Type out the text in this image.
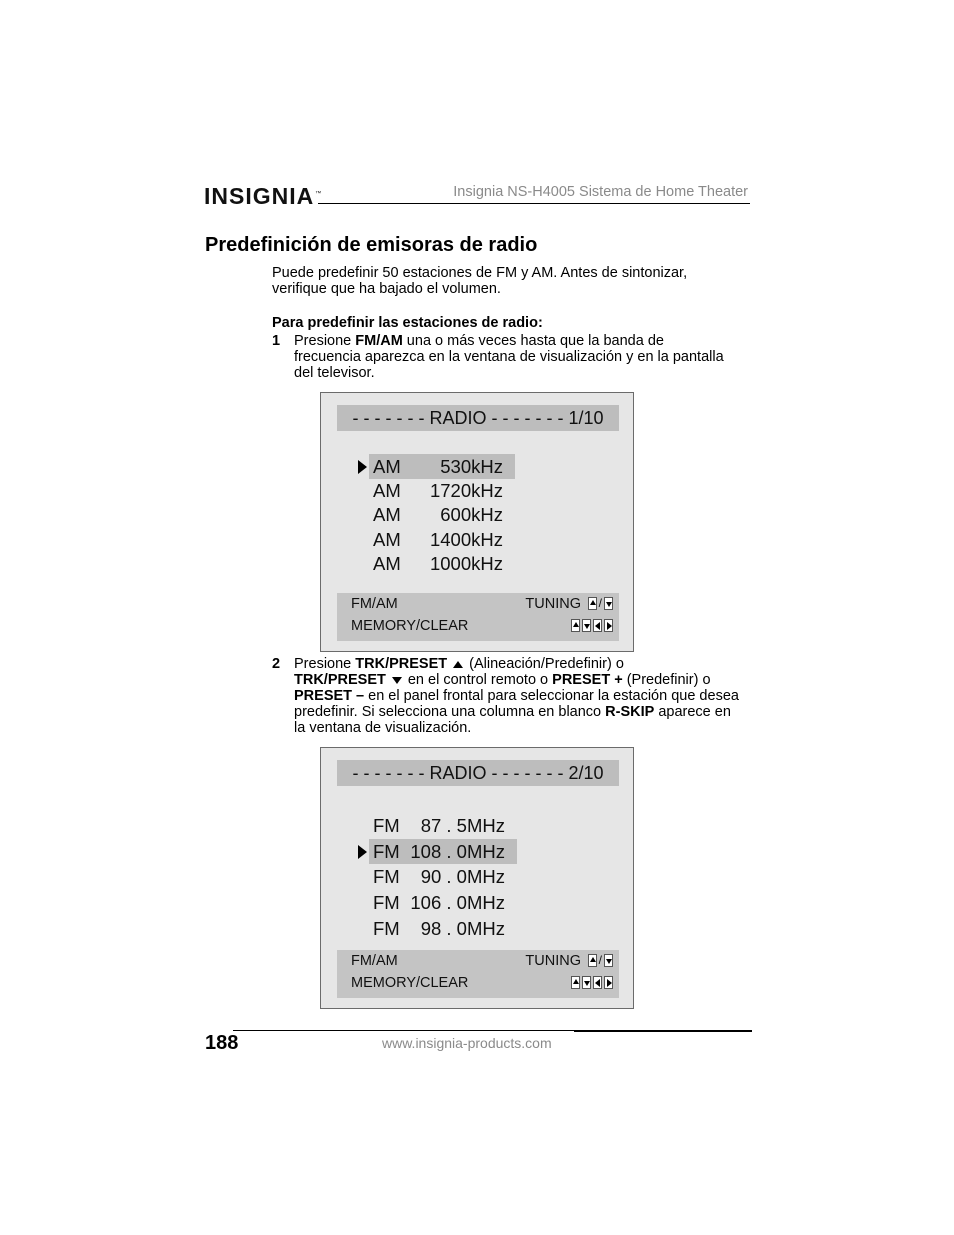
INSIGNIA™	Insignia NS-H4005 Sistema de Home Theater
Predefinición de emisoras de radio
Puede predefinir 50 estaciones de FM y AM. Antes de sintonizar, verifique que ha bajado el volumen.
Para predefinir las estaciones de radio:
1 Presione FM/AM una o más veces hasta que la banda de frecuencia aparezca en la ventana de visualización y en la pantalla del televisor.
- - - - - - - RADIO - - - - - - - 1/10
AM 530kHz
AM 1720kHz
AM 600kHz
AM 1400kHz
AM 1000kHz
FM/AM	TUNING /
MEMORY/CLEAR
2 Presione TRK/PRESET (Alineación/Predefinir) o
TRK/PRESET en el control remoto o PRESET + (Predefinir) o PRESET – en el panel frontal para seleccionar la estación que desea predefinir. Si selecciona una columna en blanco R-SKIP aparece en la ventana de visualización.
- - - - - - - RADIO - - - - - - - 2/10
FM 87 . 5MHz
FM 108 . 0MHz
FM 90 . 0MHz
FM 106 . 0MHz
FM 98 . 0MHz
FM/AM	TUNING /
MEMORY/CLEAR
188	www.insignia-products.com
